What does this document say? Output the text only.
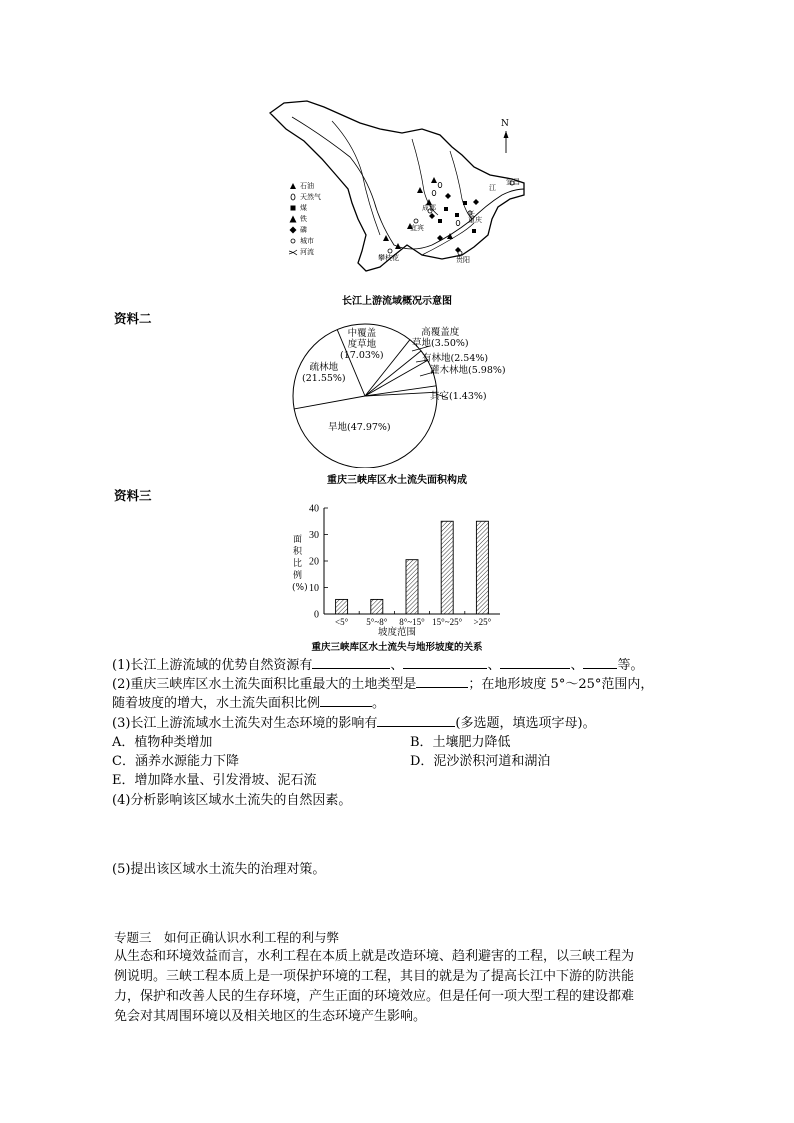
N
江
长
宜昌
重庆
成都
宜宾
攀枝花	贵阳
石油
天然气
煤
铁
磷
城市
河流
长江上游流域概况示意图
资料二
中覆盖
度草地
(17.03%)
疏林地
(21.55%)
旱地(47.97%)
高覆盖度
草地(3.50%)
有林地(2.54%)
灌木林地(5.98%)
其它(1.43%)
重庆三峡库区水土流失面积构成
资料三
0
10
20
30
40
<5° 5°~8° 8°~15° 15°~25° >25°
面积比例(%)
坡度范围
重庆三峡库区水土流失与地形坡度的关系
(1)长江上游流域的优势自然资源有	、	、	、	等。
(2)重庆三峡库区水土流失面积比重最大的土地类型是	；在地形坡度 5°～25°范围内，
随着坡度的增大，水土流失面积比例	。
(3)长江上游流域水土流失对生态环境的影响有	(多选题，填选项字母)。
A．植物种类增加	B．土壤肥力降低
C．涵养水源能力下降	D．泥沙淤积河道和湖泊
E．增加降水量、引发滑坡、泥石流
(4)分析影响该区域水土流失的自然因素。
(5)提出该区域水土流失的治理对策。
专题三　如何正确认识水利工程的利与弊
从生态和环境效益而言，水利工程在本质上就是改造环境、趋利避害的工程，以三峡工程为
例说明。三峡工程本质上是一项保护环境的工程，其目的就是为了提高长江中下游的防洪能
力，保护和改善人民的生存环境，产生正面的环境效应。但是任何一项大型工程的建设都难
免会对其周围环境以及相关地区的生态环境产生影响。
